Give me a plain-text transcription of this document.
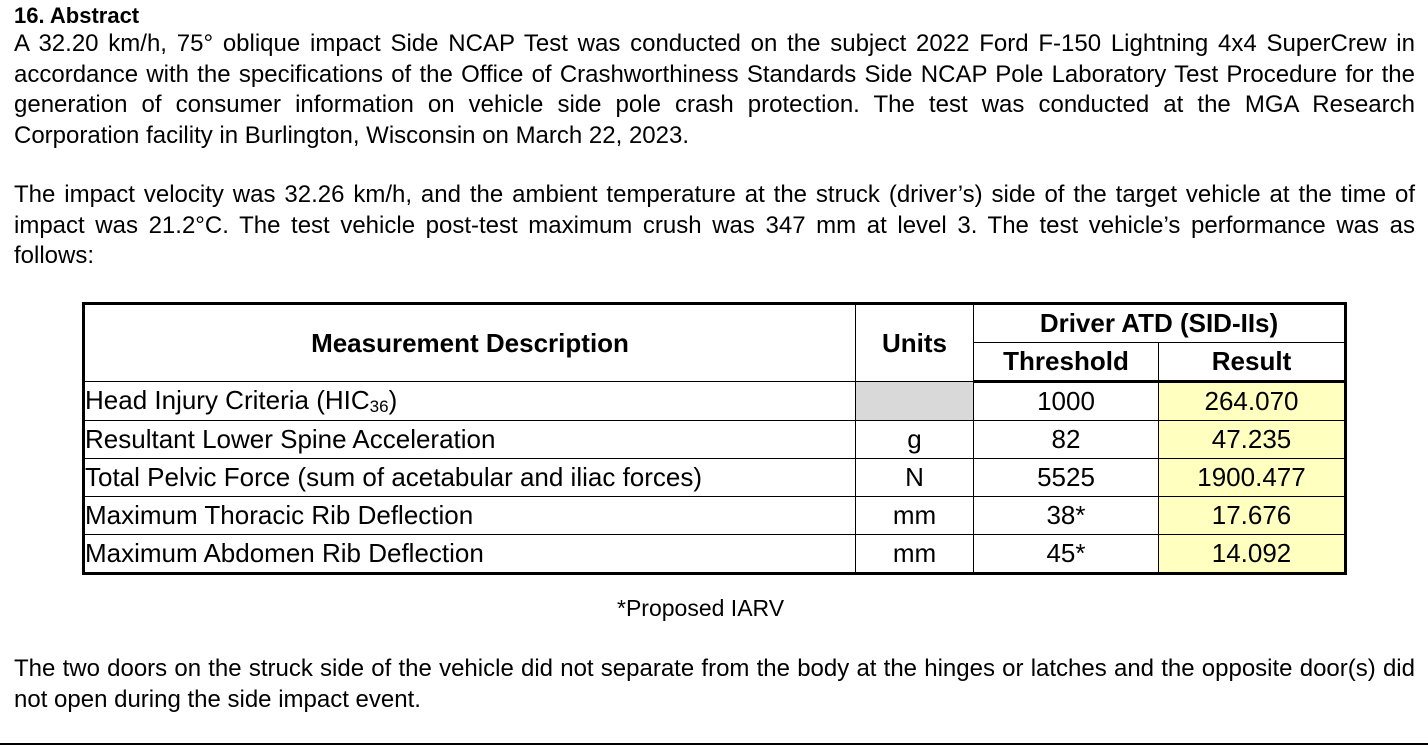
16. Abstract

A 32.20 km/h, 75° oblique impact Side NCAP Test was conducted on the subject 2022 Ford F-150 Lightning 4x4 SuperCrew in accordance with the specifications of the Office of Crashworthiness Standards Side NCAP Pole Laboratory Test Procedure for the generation of consumer information on vehicle side pole crash protection. The test was conducted at the MGA Research Corporation facility in Burlington, Wisconsin on March 22, 2023.

The impact velocity was 32.26 km/h, and the ambient temperature at the struck (driver’s) side of the target vehicle at the time of impact was 21.2°C. The test vehicle post-test maximum crush was 347 mm at level 3. The test vehicle’s performance was as follows:

Measurement Description	Units	Driver ATD (SID-IIs)	
		Threshold	Result
Head Injury Criteria $(HIC_{36})$		1000	264.070
Resultant Lower Spine Acceleration	g	82	47.235
Total Pelvic Force (sum of acetabular and iliac forces)	N	5525	1900.477
Maximum Thoracic Rib Deflection	mm	38*	17.676
Maximum Abdomen Rib Deflection	mm	45*	14.092
*Proposed IARV

The two doors on the struck side of the vehicle did not separate from the body at the hinges or latches and the opposite door(s) did not open during the side impact event.
